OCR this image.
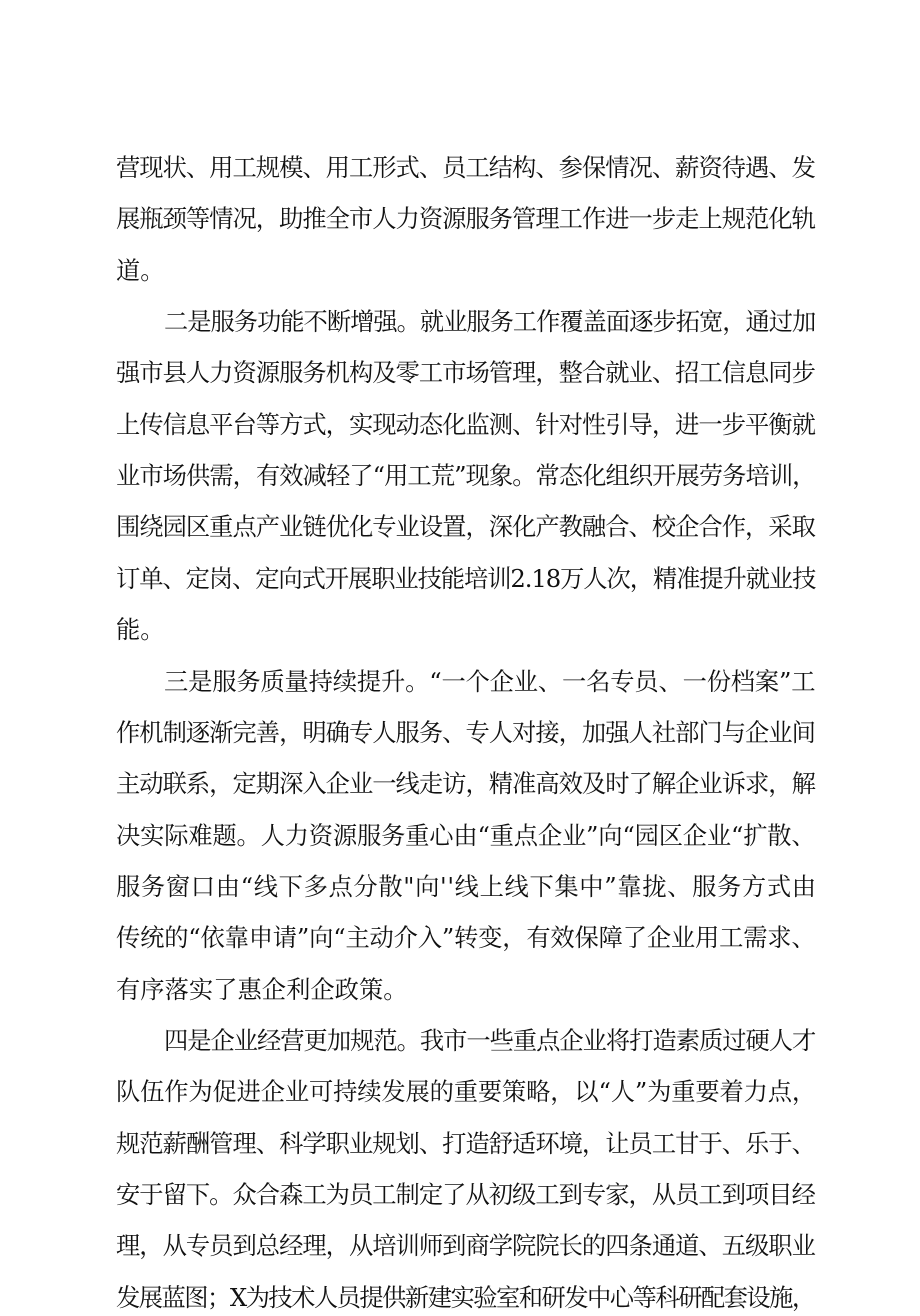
营现状、用工规模、用工形式、员工结构、参保情况、薪资待遇、发
展瓶颈等情况，助推全市人力资源服务管理工作进一步走上规范化轨
道。
二是服务功能不断增强。就业服务工作覆盖面逐步拓宽，通过加
强市县人力资源服务机构及零工市场管理，整合就业、招工信息同步
上传信息平台等方式，实现动态化监测、针对性引导，进一步平衡就
业市场供需，有效减轻了“用工荒”现象。常态化组织开展劳务培训，
围绕园区重点产业链优化专业设置，深化产教融合、校企合作，采取
订单、定岗、定向式开展职业技能培训2.18万人次，精准提升就业技
能。
三是服务质量持续提升。“一个企业、一名专员、一份档案”工
作机制逐渐完善，明确专人服务、专人对接，加强人社部门与企业间
主动联系，定期深入企业一线走访，精准高效及时了解企业诉求，解
决实际难题。人力资源服务重心由“重点企业”向“园区企业“扩散、
服务窗口由“线下多点分散"向''线上线下集中”靠拢、服务方式由
传统的“依靠申请”向“主动介入”转变，有效保障了企业用工需求、
有序落实了惠企利企政策。
四是企业经营更加规范。我市一些重点企业将打造素质过硬人才
队伍作为促进企业可持续发展的重要策略，以“人”为重要着力点，
规范薪酬管理、科学职业规划、打造舒适环境，让员工甘于、乐于、
安于留下。众合森工为员工制定了从初级工到专家，从员工到项目经
理，从专员到总经理，从培训师到商学院院长的四条通道、五级职业
发展蓝图；X为技术人员提供新建实验室和研发中心等科研配套设施，
